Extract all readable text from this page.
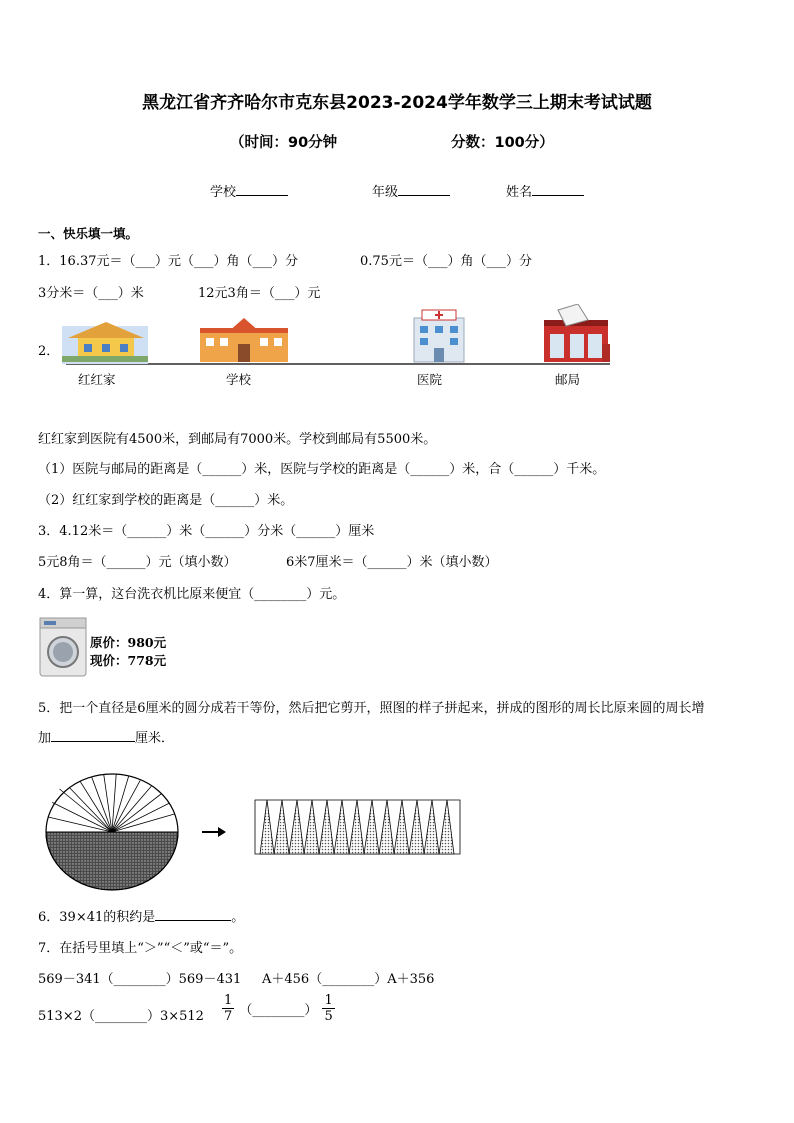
黑龙江省齐齐哈尔市克东县2023-2024学年数学三上期末考试试题
（时间：90分钟	分数：100分）
学校	年级	姓名
一、快乐填一填。
1．16.37元＝（___）元（___）角（___）分	0.75元＝（___）角（___）分
3分米＝（___）米	12元3角＝（___）元
2．
红红家	学校	医院	邮局
红红家到医院有4500米，到邮局有7000米。学校到邮局有5500米。
（1）医院与邮局的距离是（______）米，医院与学校的距离是（______）米，合（______）千米。
（2）红红家到学校的距离是（______）米。
3．4.12米＝（______）米（______）分米（______）厘米
5元8角＝（______）元（填小数）	6米7厘米＝（______）米（填小数）
4．算一算，这台洗衣机比原来便宜（________）元。
原价：980元
现价：778元
5．把一个直径是6厘米的圆分成若干等份，然后把它剪开，照图的样子拼起来，拼成的图形的周长比原来圆的周长增
加	厘米．
6．39×41的积约是	。
7．在括号里填上“＞”“＜”或“＝”。
569－341（________）569－431 A＋456（________）A＋356
513×2（________）3×512 $\frac{1}{7}$ （________） $\frac{1}{5}$
